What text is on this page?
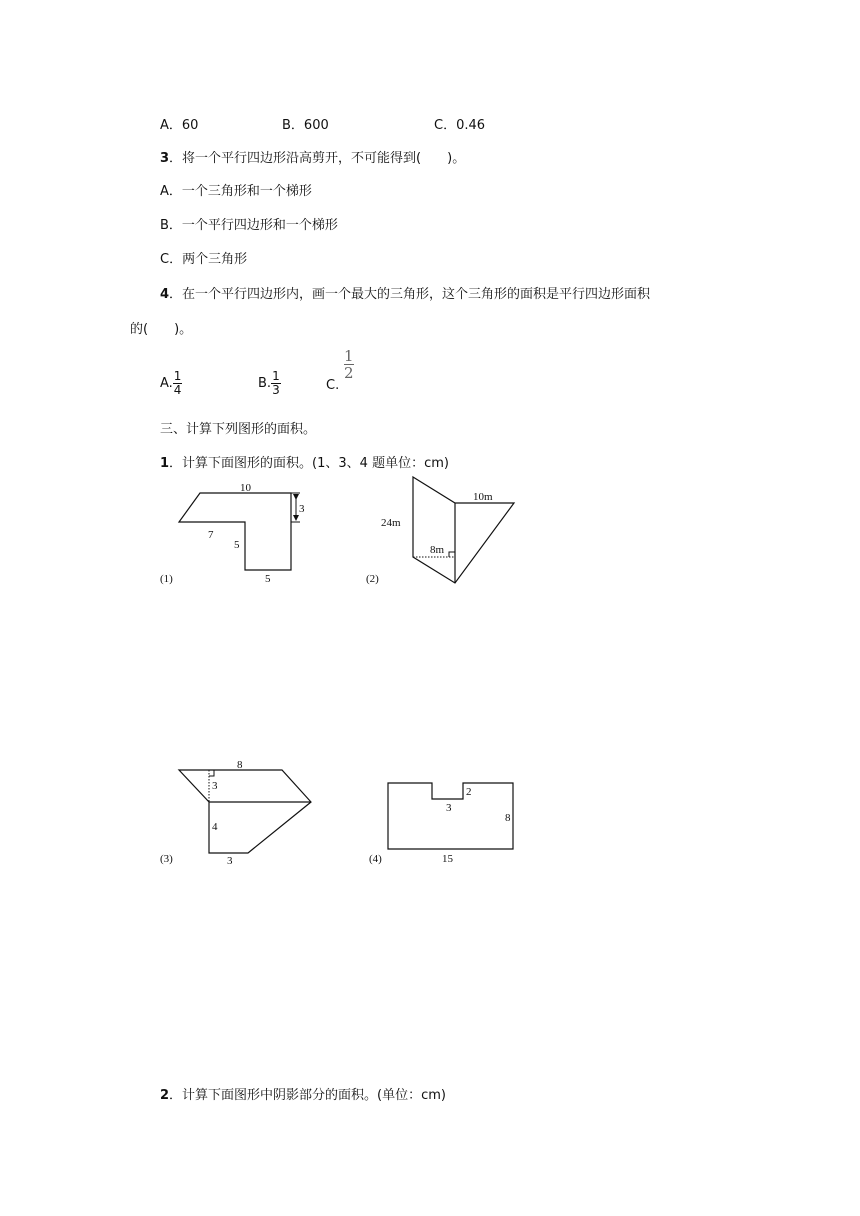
A．60	B．600	C．0.46
3．将一个平行四边形沿高剪开，不可能得到(　　)。
A．一个三角形和一个梯形
B．一个平行四边形和一个梯形
C．两个三角形
4．在一个平行四边形内，画一个最大的三角形，这个三角形的面积是平行四边形面积
的(　　)。
A. $\frac{1}{4}$	B. $\frac{1}{3}$	C.
$\frac{1}{2}$
三、计算下列图形的面积。
1．计算下面图形的面积。(1、3、4 题单位：cm)
2．计算下面图形中阴影部分的面积。(单位：cm)
10
3
7
5
5
(1)
24m
10m
8m
(2)
8
3
4
3
(3)
2
3
8
15
(4)
